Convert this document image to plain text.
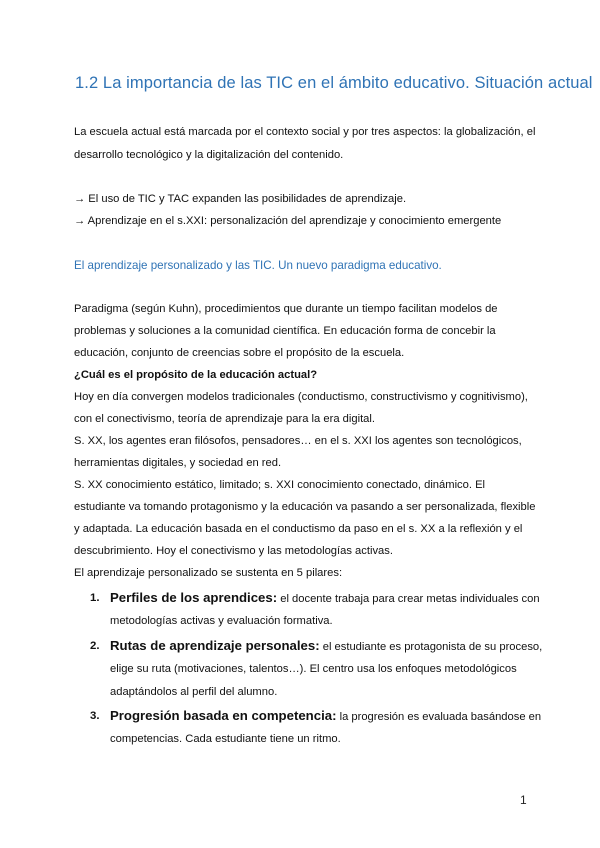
1.2 La importancia de las TIC en el ámbito educativo. Situación actual
La escuela actual está marcada por el contexto social y por tres aspectos: la globalización, el
desarrollo tecnológico y la digitalización del contenido.
→ El uso de TIC y TAC expanden las posibilidades de aprendizaje.
→ Aprendizaje en el s.XXI: personalización del aprendizaje y conocimiento emergente
El aprendizaje personalizado y las TIC. Un nuevo paradigma educativo.
Paradigma (según Kuhn), procedimientos que durante un tiempo facilitan modelos de
problemas y soluciones a la comunidad científica. En educación forma de concebir la
educación, conjunto de creencias sobre el propósito de la escuela.
¿Cuál es el propósito de la educación actual?
Hoy en día convergen modelos tradicionales (conductismo, constructivismo y cognitivismo),
con el conectivismo, teoría de aprendizaje para la era digital.
S. XX, los agentes eran filósofos, pensadores… en el s. XXI los agentes son tecnológicos,
herramientas digitales, y sociedad en red.
S. XX conocimiento estático, limitado; s. XXI conocimiento conectado, dinámico. El
estudiante va tomando protagonismo y la educación va pasando a ser personalizada, flexible
y adaptada. La educación basada en el conductismo da paso en el s. XX a la reflexión y el
descubrimiento. Hoy el conectivismo y las metodologías activas.
El aprendizaje personalizado se sustenta en 5 pilares:
1. Perfiles de los aprendices: el docente trabaja para crear metas individuales con
metodologías activas y evaluación formativa.
2. Rutas de aprendizaje personales: el estudiante es protagonista de su proceso,
elige su ruta (motivaciones, talentos…). El centro usa los enfoques metodológicos
adaptándolos al perfil del alumno.
3. Progresión basada en competencia: la progresión es evaluada basándose en
competencias. Cada estudiante tiene un ritmo.
1
